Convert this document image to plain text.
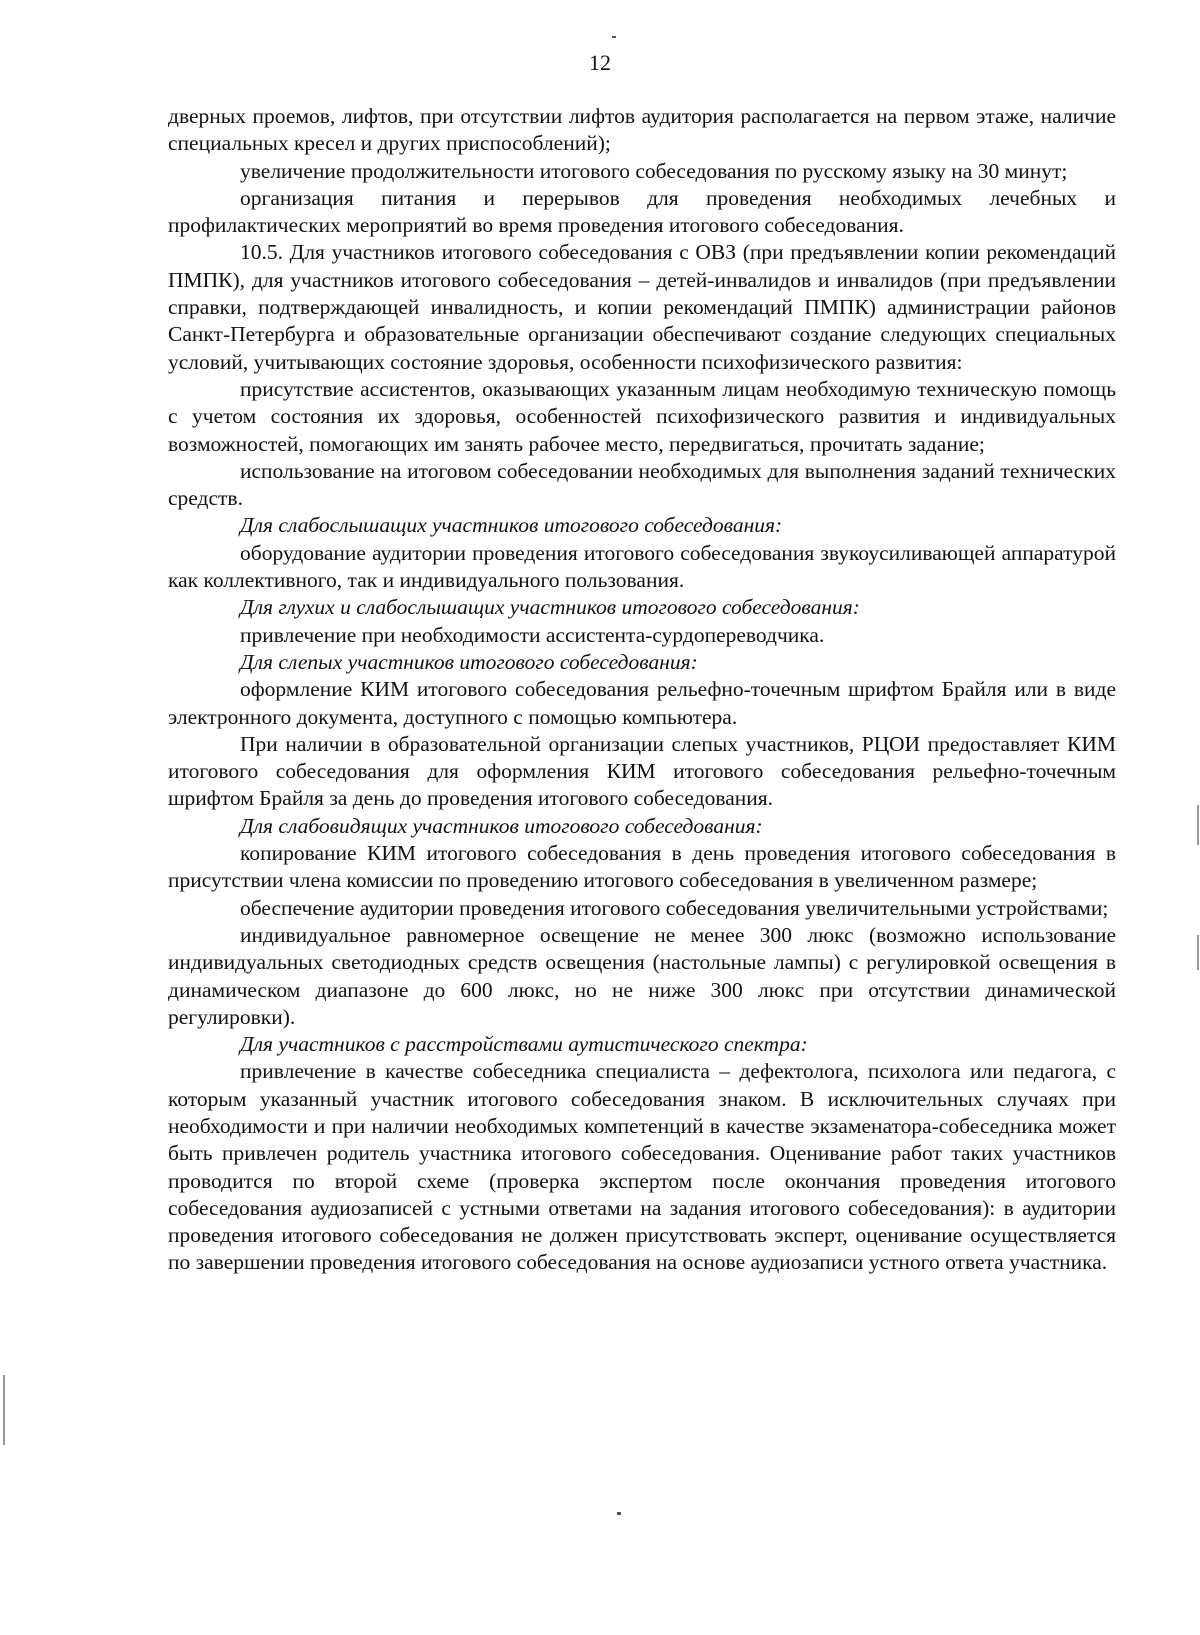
12

дверных проемов, лифтов, при отсутствии лифтов аудитория располагается на первом этаже, наличие специальных кресел и других приспособлений);

увеличение продолжительности итогового собеседования по русскому языку на 30 минут;

организация питания и перерывов для проведения необходимых лечебных и профилактических мероприятий во время проведения итогового собеседования.

10.5. Для участников итогового собеседования с ОВЗ (при предъявлении копии рекомендаций ПМПК), для участников итогового собеседования – детей-инвалидов и инвалидов (при предъявлении справки, подтверждающей инвалидность, и копии рекомендаций ПМПК) администрации районов Санкт-Петербурга и образовательные организации обеспечивают создание следующих специальных условий, учитывающих состояние здоровья, особенности психофизического развития:

присутствие ассистентов, оказывающих указанным лицам необходимую техническую помощь с учетом состояния их здоровья, особенностей психофизического развития и индивидуальных возможностей, помогающих им занять рабочее место, передвигаться, прочитать задание;

использование на итоговом собеседовании необходимых для выполнения заданий технических средств.

Для слабослышащих участников итогового собеседования:

оборудование аудитории проведения итогового собеседования звукоусиливающей аппаратурой как коллективного, так и индивидуального пользования.

Для глухих и слабослышащих участников итогового собеседования:

привлечение при необходимости ассистента-сурдопереводчика.

Для слепых участников итогового собеседования:

оформление КИМ итогового собеседования рельефно-точечным шрифтом Брайля или в виде электронного документа, доступного с помощью компьютера.

При наличии в образовательной организации слепых участников, РЦОИ предоставляет КИМ итогового собеседования для оформления КИМ итогового собеседования рельефно-точечным шрифтом Брайля за день до проведения итогового собеседования.

Для слабовидящих участников итогового собеседования:

копирование КИМ итогового собеседования в день проведения итогового собеседования в присутствии члена комиссии по проведению итогового собеседования в увеличенном размере;

обеспечение аудитории проведения итогового собеседования увеличительными устройствами;

индивидуальное равномерное освещение не менее 300 люкс (возможно использование индивидуальных светодиодных средств освещения (настольные лампы) с регулировкой освещения в динамическом диапазоне до 600 люкс, но не ниже 300 люкс при отсутствии динамической регулировки).

Для участников с расстройствами аутистического спектра:

привлечение в качестве собеседника специалиста – дефектолога, психолога или педагога, с которым указанный участник итогового собеседования знаком. В исключительных случаях при необходимости и при наличии необходимых компетенций в качестве экзаменатора-собеседника может быть привлечен родитель участника итогового собеседования. Оценивание работ таких участников проводится по второй схеме (проверка экспертом после окончания проведения итогового собеседования аудиозаписей с устными ответами на задания итогового собеседования): в аудитории проведения итогового собеседования не должен присутствовать эксперт, оценивание осуществляется по завершении проведения итогового собеседования на основе аудиозаписи устного ответа участника.
